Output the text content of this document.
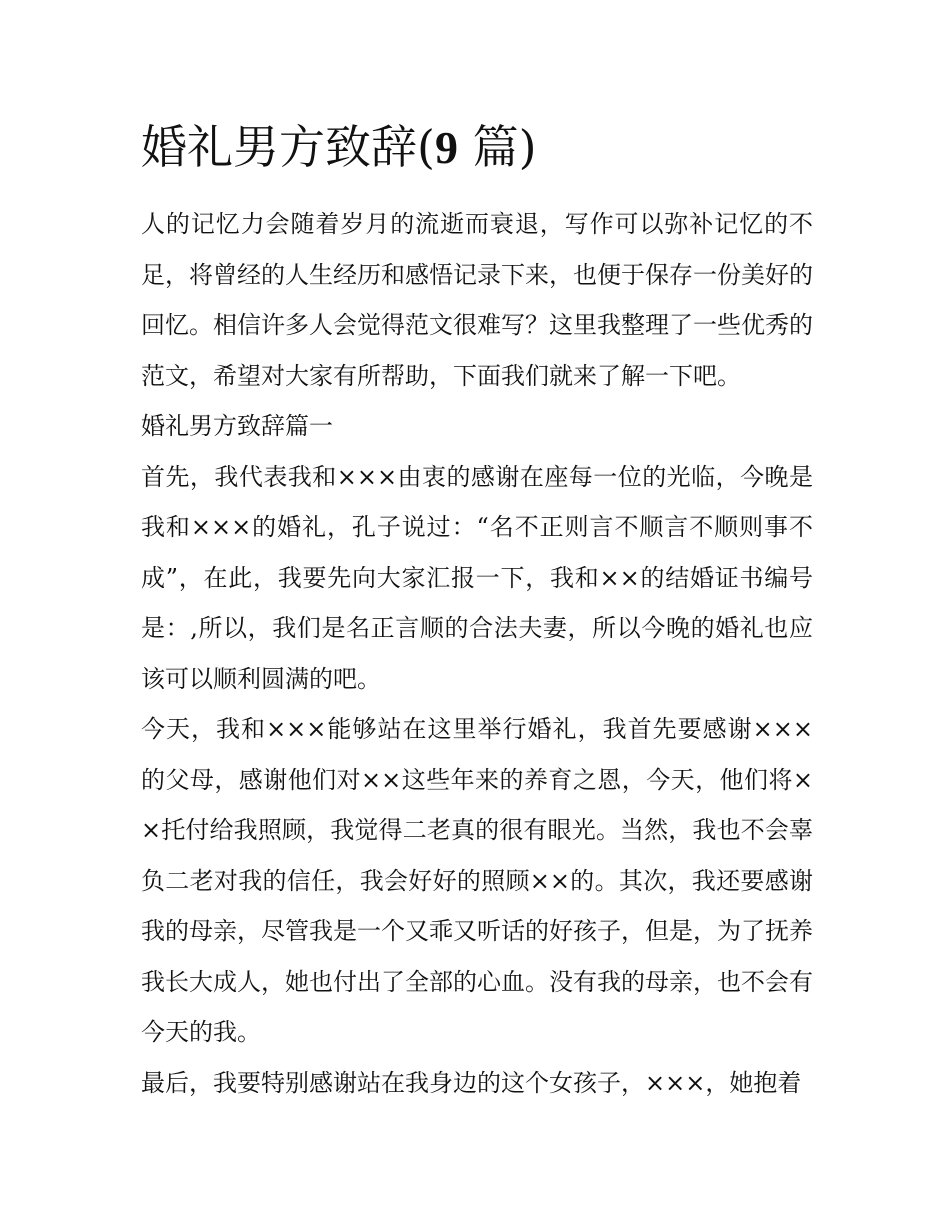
婚礼男方致辞(9 篇)

人的记忆力会随着岁月的流逝而衰退，写作可以弥补记忆的不足，将曾经的人生经历和感悟记录下来，也便于保存一份美好的回忆。相信许多人会觉得范文很难写？这里我整理了一些优秀的范文，希望对大家有所帮助，下面我们就来了解一下吧。

婚礼男方致辞篇一

首先，我代表我和×××由衷的感谢在座每一位的光临，今晚是我和×××的婚礼，孔子说过：“名不正则言不顺言不顺则事不成”，在此，我要先向大家汇报一下，我和××的结婚证书编号是：,所以，我们是名正言顺的合法夫妻，所以今晚的婚礼也应该可以顺利圆满的吧。

今天，我和×××能够站在这里举行婚礼，我首先要感谢×××的父母，感谢他们对××这些年来的养育之恩，今天，他们将××托付给我照顾，我觉得二老真的很有眼光。当然，我也不会辜负二老对我的信任，我会好好的照顾××的。其次，我还要感谢我的母亲，尽管我是一个又乖又听话的好孩子，但是，为了抚养我长大成人，她也付出了全部的心血。没有我的母亲，也不会有今天的我。

最后，我要特别感谢站在我身边的这个女孩子，×××，她抱着
